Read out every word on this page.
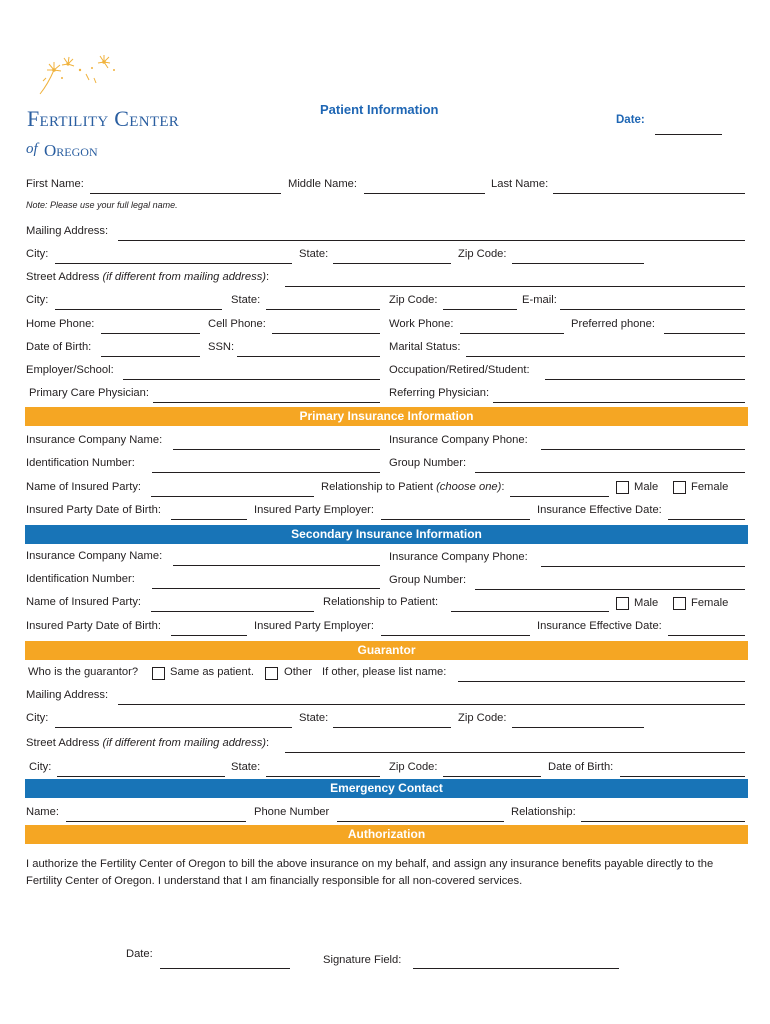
Fertility Center
of Oregon
Patient Information
Date:
First Name:	Middle Name:	Last Name:
Note: Please use your full legal name.
Mailing Address:
City:	State:	Zip Code:
Street Address (if different from mailing address):
City:	State:	Zip Code:	E-mail:
Home Phone:	Cell Phone:	Work Phone:	Preferred phone:
Date of Birth:	SSN:	Marital Status:
Employer/School:	Occupation/Retired/Student:
Primary Care Physician:	Referring Physician:
Primary Insurance Information
Insurance Company Name:	Insurance Company Phone:
Identification Number:	Group Number:
Name of Insured Party:	Relationship to Patient (choose one):	Male	Female
Insured Party Date of Birth:	Insured Party Employer:	Insurance Effective Date:
Secondary Insurance Information
Insurance Company Name:	Insurance Company Phone:
Identification Number:	Group Number:
Name of Insured Party:	Relationship to Patient:	Male	Female
Insured Party Date of Birth:	Insured Party Employer:	Insurance Effective Date:
Guarantor
Who is the guarantor?	Same as patient.	Other If other, please list name:
Mailing Address:
City:	State:	Zip Code:
Street Address (if different from mailing address):
City:	State:	Zip Code:	Date of Birth:
Emergency Contact
Name:	Phone Number	Relationship:
Authorization
I authorize the Fertility Center of Oregon to bill the above insurance on my behalf, and assign any insurance benefits payable directly to the Fertility Center of Oregon. I understand that I am financially responsible for all non-covered services.
Date:	Signature Field:
